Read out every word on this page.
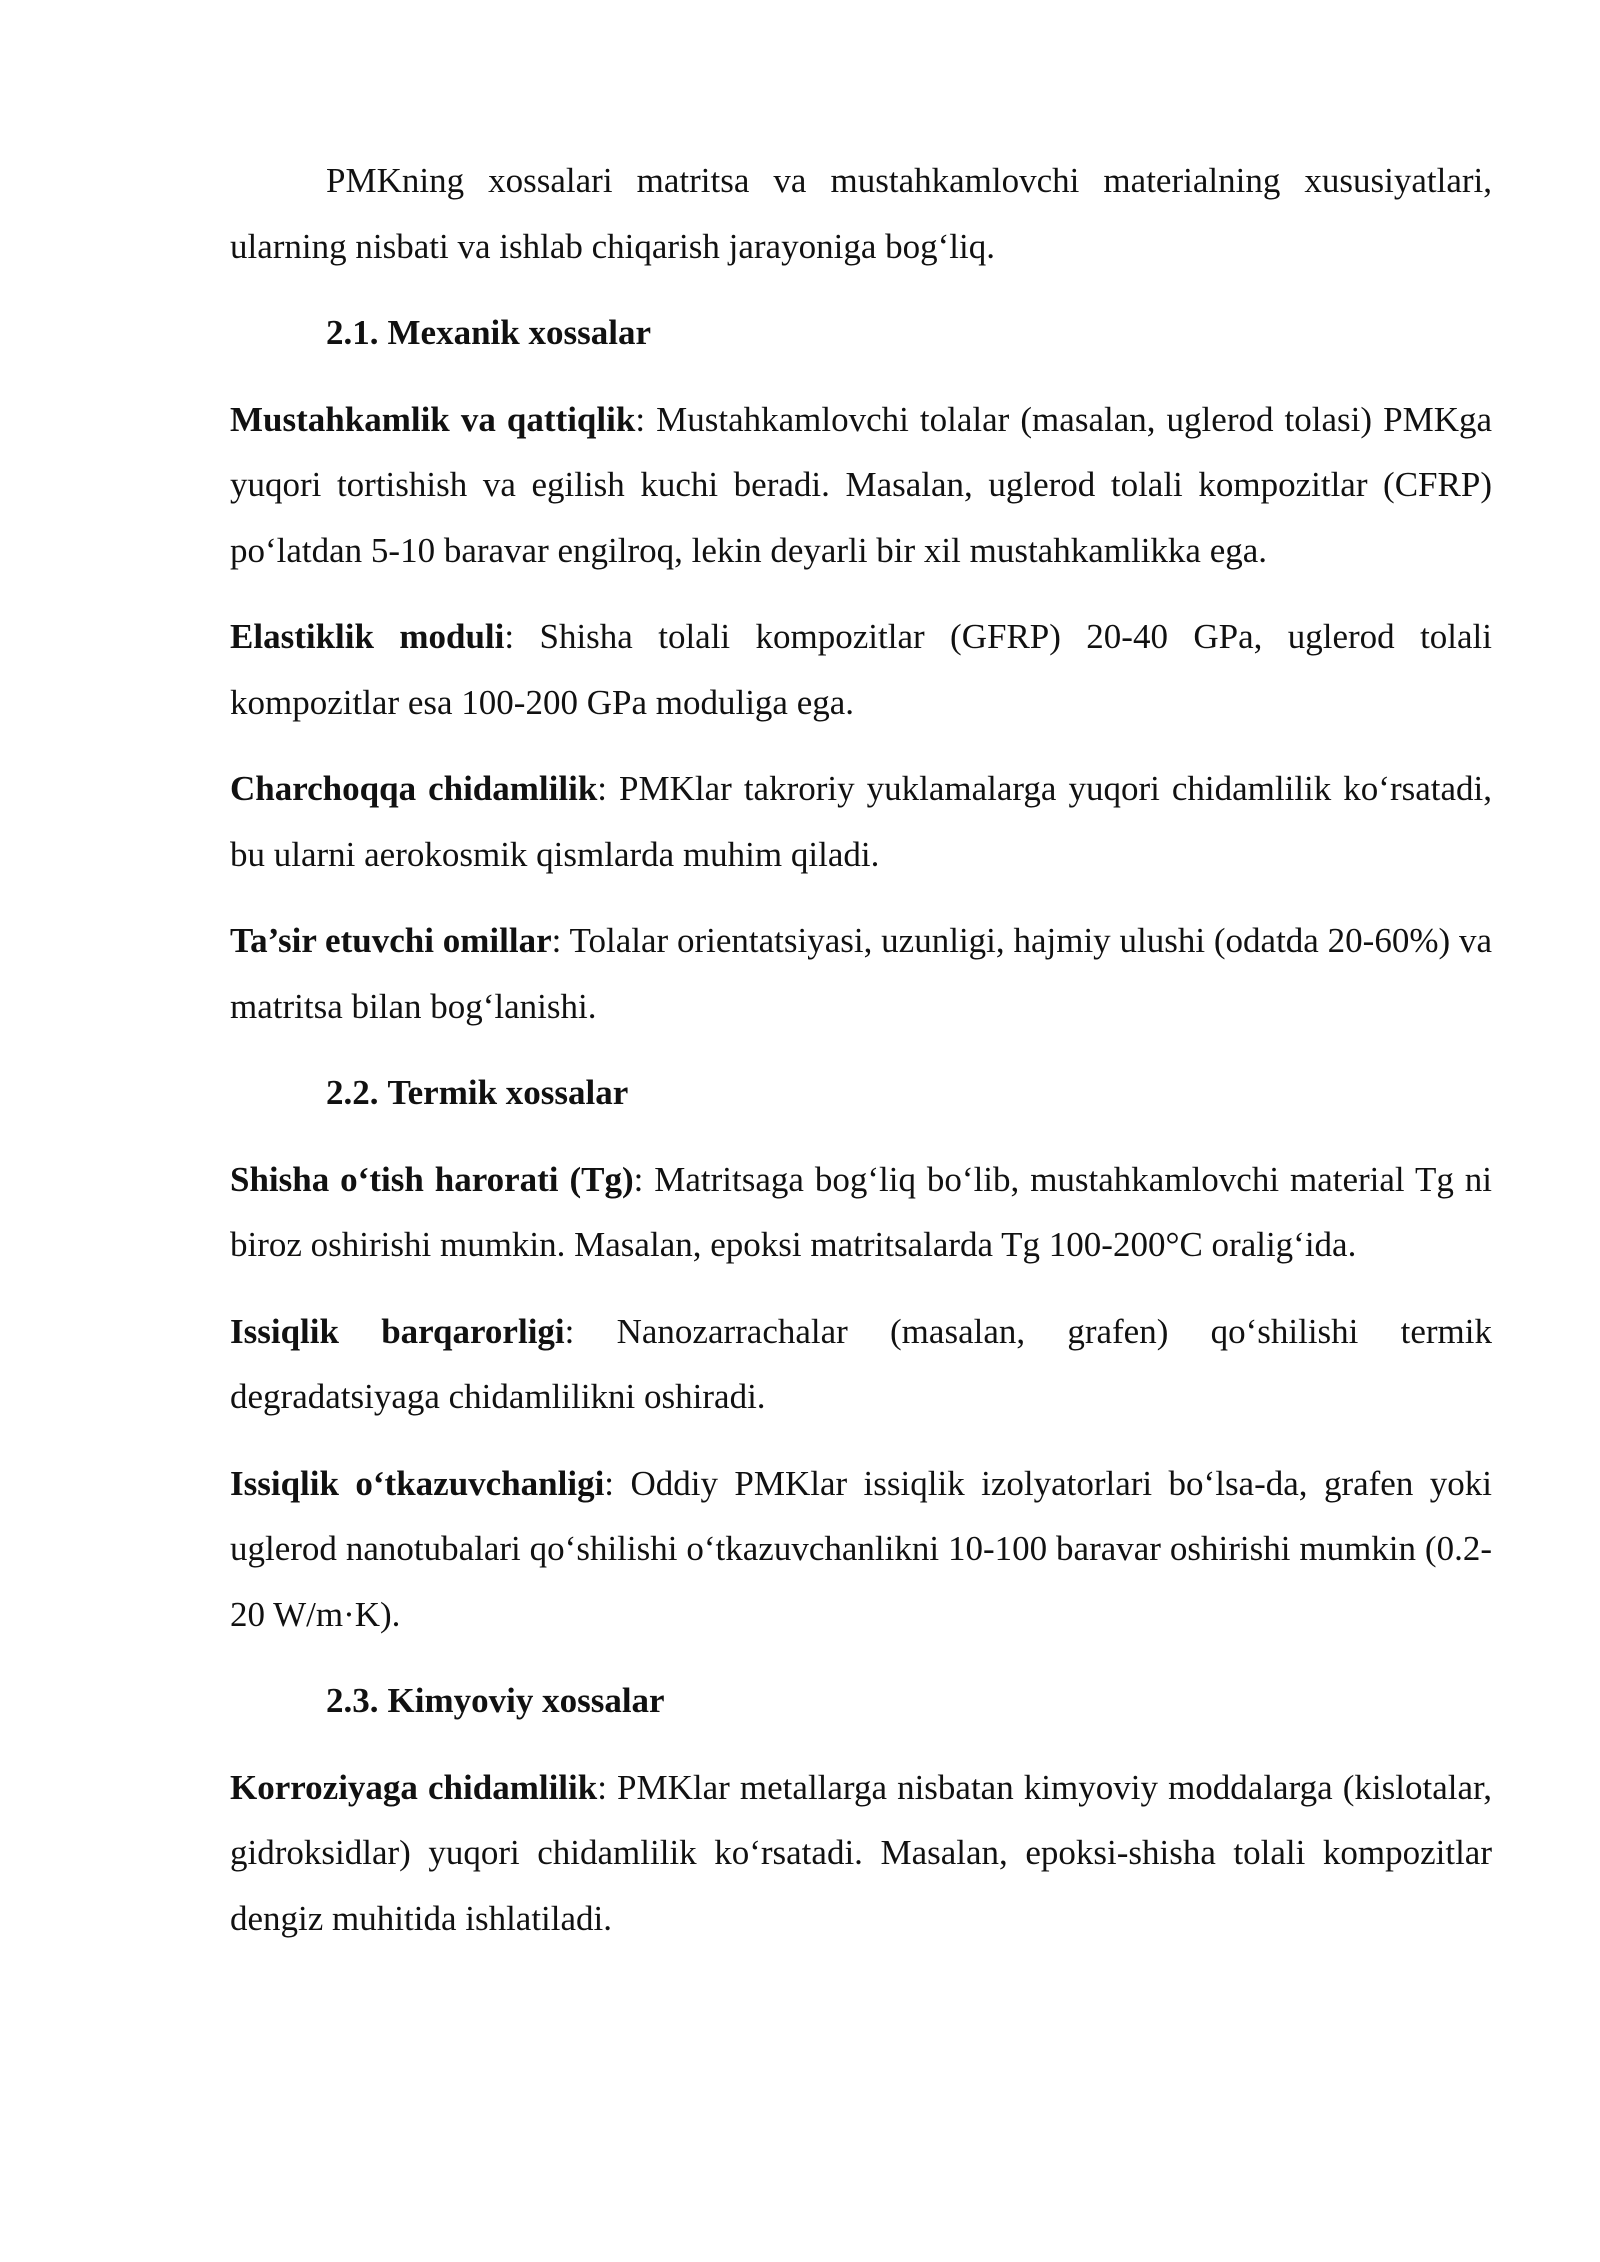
PMKning xossalari matritsa va mustahkamlovchi materialning xususiyatlari, ularning nisbati va ishlab chiqarish jarayoniga bog‘liq.

2.1. Mexanik xossalar

Mustahkamlik va qattiqlik: Mustahkamlovchi tolalar (masalan, uglerod tolasi) PMKga yuqori tortishish va egilish kuchi beradi. Masalan, uglerod tolali kompozitlar (CFRP) po‘latdan 5-10 baravar engilroq, lekin deyarli bir xil mustahkamlikka ega.

Elastiklik moduli: Shisha tolali kompozitlar (GFRP) 20-40 GPa, uglerod tolali kompozitlar esa 100-200 GPa moduliga ega.

Charchoqqa chidamlilik: PMKlar takroriy yuklamalarga yuqori chidamlilik ko‘rsatadi, bu ularni aerokosmik qismlarda muhim qiladi.

Ta’sir etuvchi omillar: Tolalar orientatsiyasi, uzunligi, hajmiy ulushi (odatda 20-60%) va matritsa bilan bog‘lanishi.

2.2. Termik xossalar

Shisha o‘tish harorati (Tg): Matritsaga bog‘liq bo‘lib, mustahkamlovchi material Tg ni biroz oshirishi mumkin. Masalan, epoksi matritsalarda Tg 100-200°C oralig‘ida.

Issiqlik barqarorligi: Nanozarrachalar (masalan, grafen) qo‘shilishi termik degradatsiyaga chidamlilikni oshiradi.

Issiqlik o‘tkazuvchanligi: Oddiy PMKlar issiqlik izolyatorlari bo‘lsa-da, grafen yoki uglerod nanotubalari qo‘shilishi o‘tkazuvchanlikni 10-100 baravar oshirishi mumkin (0.2-20 W/m·K).

2.3. Kimyoviy xossalar

Korroziyaga chidamlilik: PMKlar metallarga nisbatan kimyoviy moddalarga (kislotalar, gidroksidlar) yuqori chidamlilik ko‘rsatadi. Masalan, epoksi-shisha tolali kompozitlar dengiz muhitida ishlatiladi.
